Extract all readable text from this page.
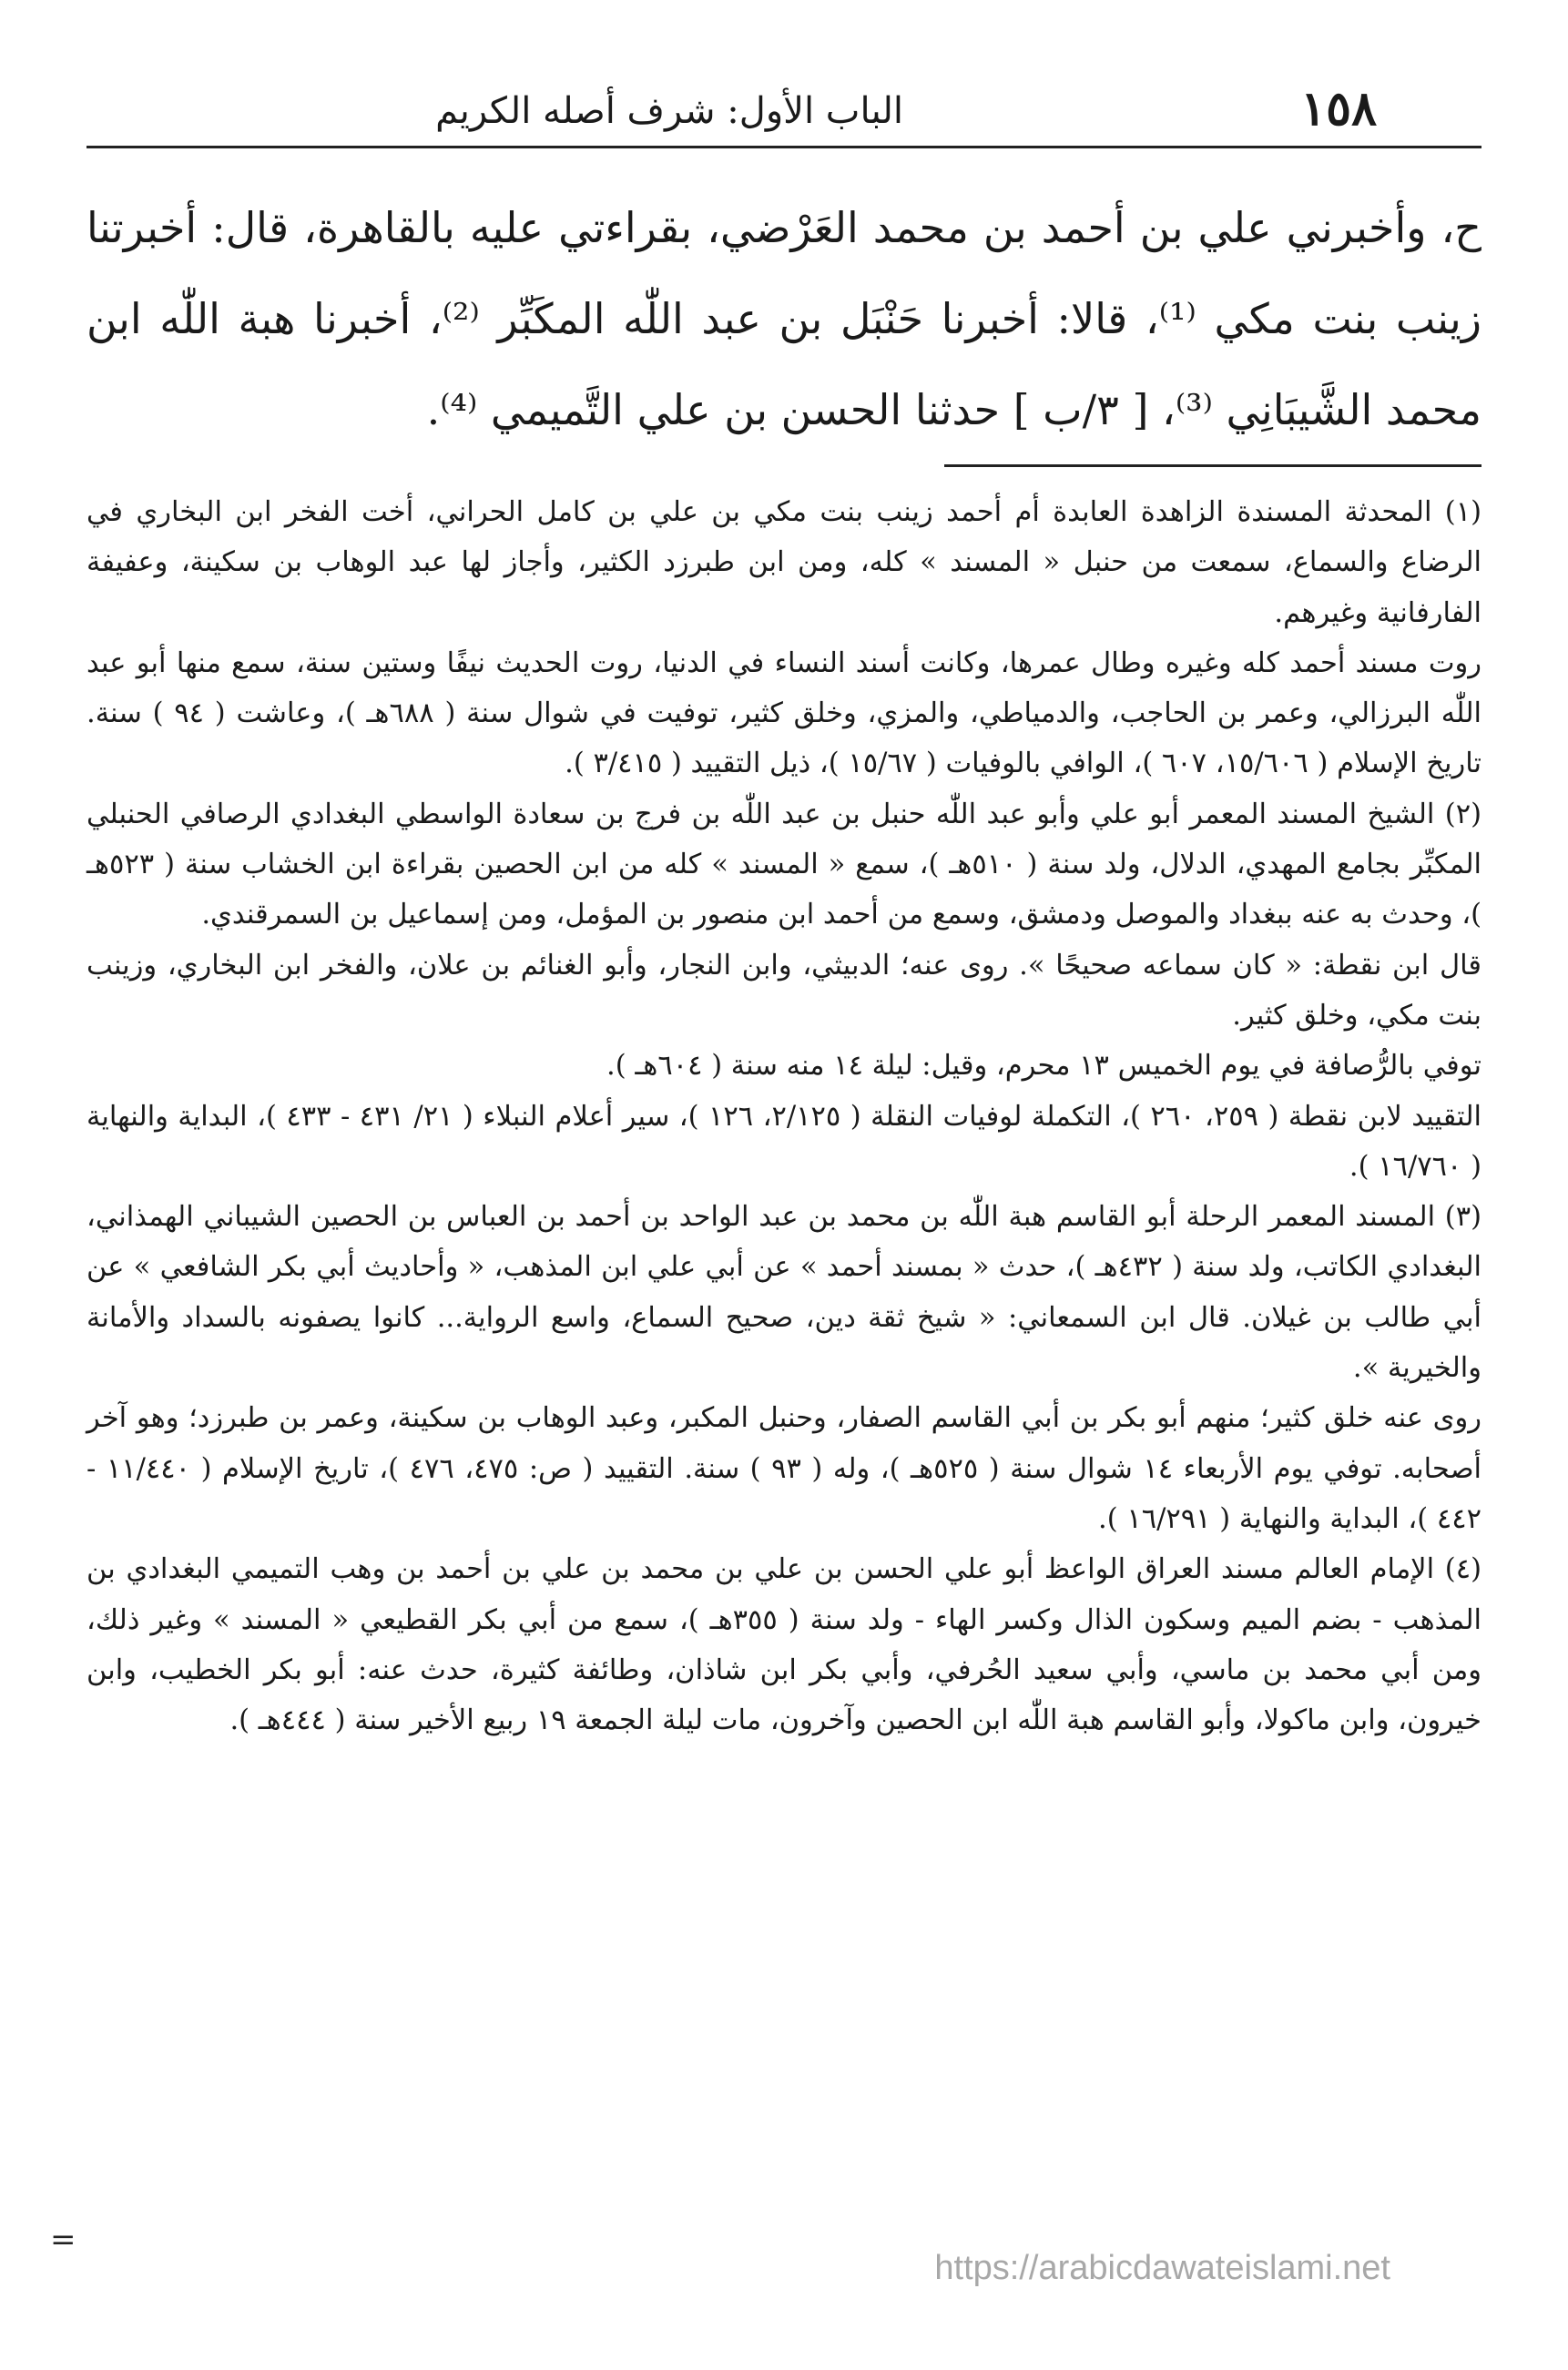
١٥٨
الباب الأول: شرف أصله الكريم

ح، وأخبرني علي بن أحمد بن محمد العَرْضي، بقراءتي عليه بالقاهرة، قال: أخبرتنا زينب بنت مكي ⁽¹⁾، قالا: أخبرنا حَنْبَل بن عبد اللّٰه المكَبِّر ⁽²⁾، أخبرنا هبة اللّٰه ابن محمد الشَّيبَانِي ⁽³⁾، [ ٣/ب ] حدثنا الحسن بن علي التَّميمي ⁽⁴⁾.

(١) المحدثة المسندة الزاهدة العابدة أم أحمد زينب بنت مكي بن علي بن كامل الحراني، أخت الفخر ابن البخاري في الرضاع والسماع، سمعت من حنبل « المسند » كله، ومن ابن طبرزد الكثير، وأجاز لها عبد الوهاب بن سكينة، وعفيفة الفارفانية وغيرهم.

روت مسند أحمد كله وغيره وطال عمرها، وكانت أسند النساء في الدنيا، روت الحديث نيفًا وستين سنة، سمع منها أبو عبد اللّٰه البرزالي، وعمر بن الحاجب، والدمياطي، والمزي، وخلق كثير، توفيت في شوال سنة ( ٦٨٨هـ )، وعاشت ( ٩٤ ) سنة. تاريخ الإسلام ( ١٥/٦٠٦، ٦٠٧ )، الوافي بالوفيات ( ١٥/٦٧ )، ذيل التقييد ( ٣/٤١٥ ).

(٢) الشيخ المسند المعمر أبو علي وأبو عبد اللّٰه حنبل بن عبد اللّٰه بن فرج بن سعادة الواسطي البغدادي الرصافي الحنبلي المكبِّر بجامع المهدي، الدلال، ولد سنة ( ٥١٠هـ )، سمع « المسند » كله من ابن الحصين بقراءة ابن الخشاب سنة ( ٥٢٣هـ )، وحدث به عنه ببغداد والموصل ودمشق، وسمع من أحمد ابن منصور بن المؤمل، ومن إسماعيل بن السمرقندي.

قال ابن نقطة: « كان سماعه صحيحًا ». روى عنه؛ الدبيثي، وابن النجار، وأبو الغنائم بن علان، والفخر ابن البخاري، وزينب بنت مكي، وخلق كثير.

توفي بالرُّصافة في يوم الخميس ١٣ محرم، وقيل: ليلة ١٤ منه سنة ( ٦٠٤هـ ).

التقييد لابن نقطة ( ٢٥٩، ٢٦٠ )، التكملة لوفيات النقلة ( ٢/١٢٥، ١٢٦ )، سير أعلام النبلاء ( ٢١/ ٤٣١ - ٤٣٣ )، البداية والنهاية ( ١٦/٧٦٠ ).

(٣) المسند المعمر الرحلة أبو القاسم هبة اللّٰه بن محمد بن عبد الواحد بن أحمد بن العباس بن الحصين الشيباني الهمذاني، البغدادي الكاتب، ولد سنة ( ٤٣٢هـ )، حدث « بمسند أحمد » عن أبي علي ابن المذهب، « وأحاديث أبي بكر الشافعي » عن أبي طالب بن غيلان. قال ابن السمعاني: « شيخ ثقة دين، صحيح السماع، واسع الرواية... كانوا يصفونه بالسداد والأمانة والخيرية ».

روى عنه خلق كثير؛ منهم أبو بكر بن أبي القاسم الصفار، وحنبل المكبر، وعبد الوهاب بن سكينة، وعمر بن طبرزد؛ وهو آخر أصحابه. توفي يوم الأربعاء ١٤ شوال سنة ( ٥٢٥هـ )، وله ( ٩٣ ) سنة. التقييد ( ص: ٤٧٥، ٤٧٦ )، تاريخ الإسلام ( ١١/٤٤٠ - ٤٤٢ )، البداية والنهاية ( ١٦/٢٩١ ).

(٤) الإمام العالم مسند العراق الواعظ أبو علي الحسن بن علي بن محمد بن علي بن أحمد بن وهب التميمي البغدادي بن المذهب - بضم الميم وسكون الذال وكسر الهاء - ولد سنة ( ٣٥٥هـ )، سمع من أبي بكر القطيعي « المسند » وغير ذلك، ومن أبي محمد بن ماسي، وأبي سعيد الحُرفي، وأبي بكر ابن شاذان، وطائفة كثيرة، حدث عنه: أبو بكر الخطيب، وابن خيرون، وابن ماكولا، وأبو القاسم هبة اللّٰه ابن الحصين وآخرون، مات ليلة الجمعة ١٩ ربيع الأخير سنة ( ٤٤٤هـ ).

=
https://arabicdawateislami.net
